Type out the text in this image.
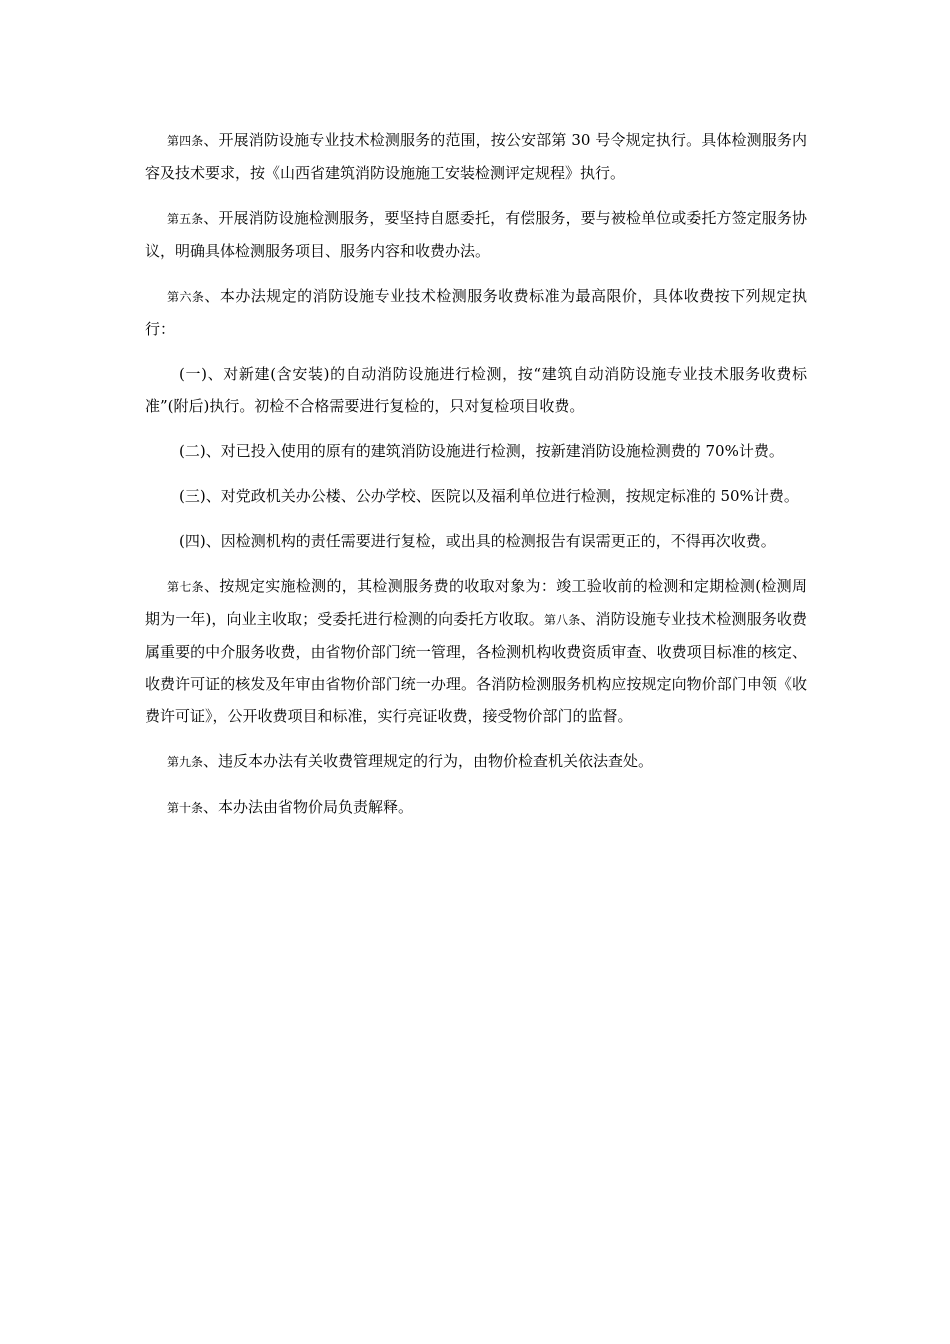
第四条、开展消防设施专业技术检测服务的范围，按公安部第 30 号令规定执行。具体检测服务内容及技术要求，按《山西省建筑消防设施施工安装检测评定规程》执行。

第五条、开展消防设施检测服务，要坚持自愿委托，有偿服务，要与被检单位或委托方签定服务协议，明确具体检测服务项目、服务内容和收费办法。

第六条、本办法规定的消防设施专业技术检测服务收费标准为最高限价，具体收费按下列规定执行：

(一)、对新建(含安装)的自动消防设施进行检测，按“建筑自动消防设施专业技术服务收费标准”(附后)执行。初检不合格需要进行复检的，只对复检项目收费。

(二)、对已投入使用的原有的建筑消防设施进行检测，按新建消防设施检测费的 70%计费。

(三)、对党政机关办公楼、公办学校、医院以及福利单位进行检测，按规定标准的 50%计费。

(四)、因检测机构的责任需要进行复检，或出具的检测报告有误需更正的，不得再次收费。

第七条、按规定实施检测的，其检测服务费的收取对象为：竣工验收前的检测和定期检测(检测周期为一年)，向业主收取；受委托进行检测的向委托方收取。第八条、消防设施专业技术检测服务收费属重要的中介服务收费，由省物价部门统一管理，各检测机构收费资质审查、收费项目标准的核定、收费许可证的核发及年审由省物价部门统一办理。各消防检测服务机构应按规定向物价部门申领《收费许可证》，公开收费项目和标准，实行亮证收费，接受物价部门的监督。

第九条、违反本办法有关收费管理规定的行为，由物价检查机关依法查处。

第十条、本办法由省物价局负责解释。
